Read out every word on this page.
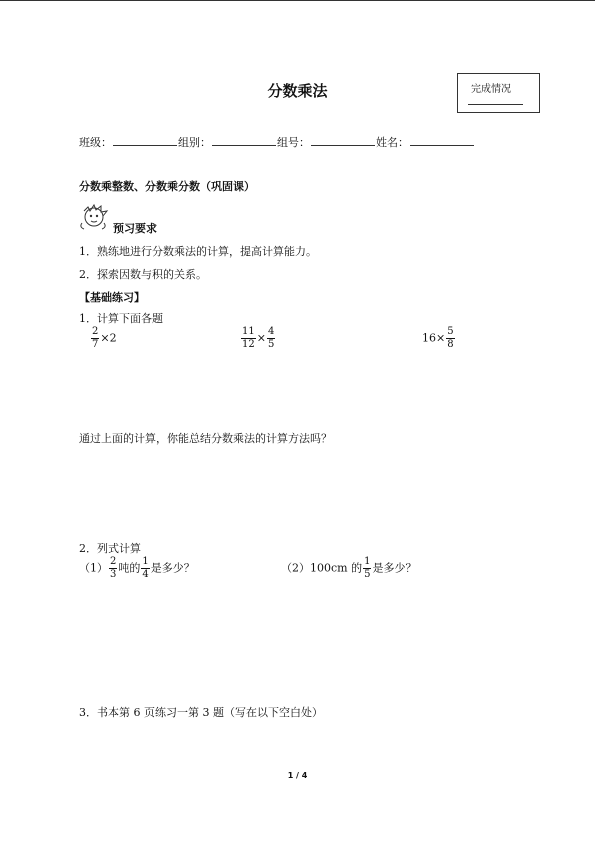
分数乘法	完成情况
班级：	组别：	组号：	姓名：
分数乘整数、分数乘分数（巩固课）
预习要求
1．熟练地进行分数乘法的计算，提高计算能力。
2．探索因数与积的关系。
【基础练习】
1．计算下面各题
$\frac{2}{7} \times 2$	$\frac{11}{12} \times \frac{4}{5}$	$16\times \frac{5}{8}$
通过上面的计算，你能总结分数乘法的计算方法吗？
2．列式计算
$(1) \frac{2}{3}$ 吨的 $\frac{1}{4}$ 是多少？	（2）100cm 的 $\frac{1}{5}$ 是多少？
3．书本第 6 页练习一第 3 题（写在以下空白处）
1 / 4
